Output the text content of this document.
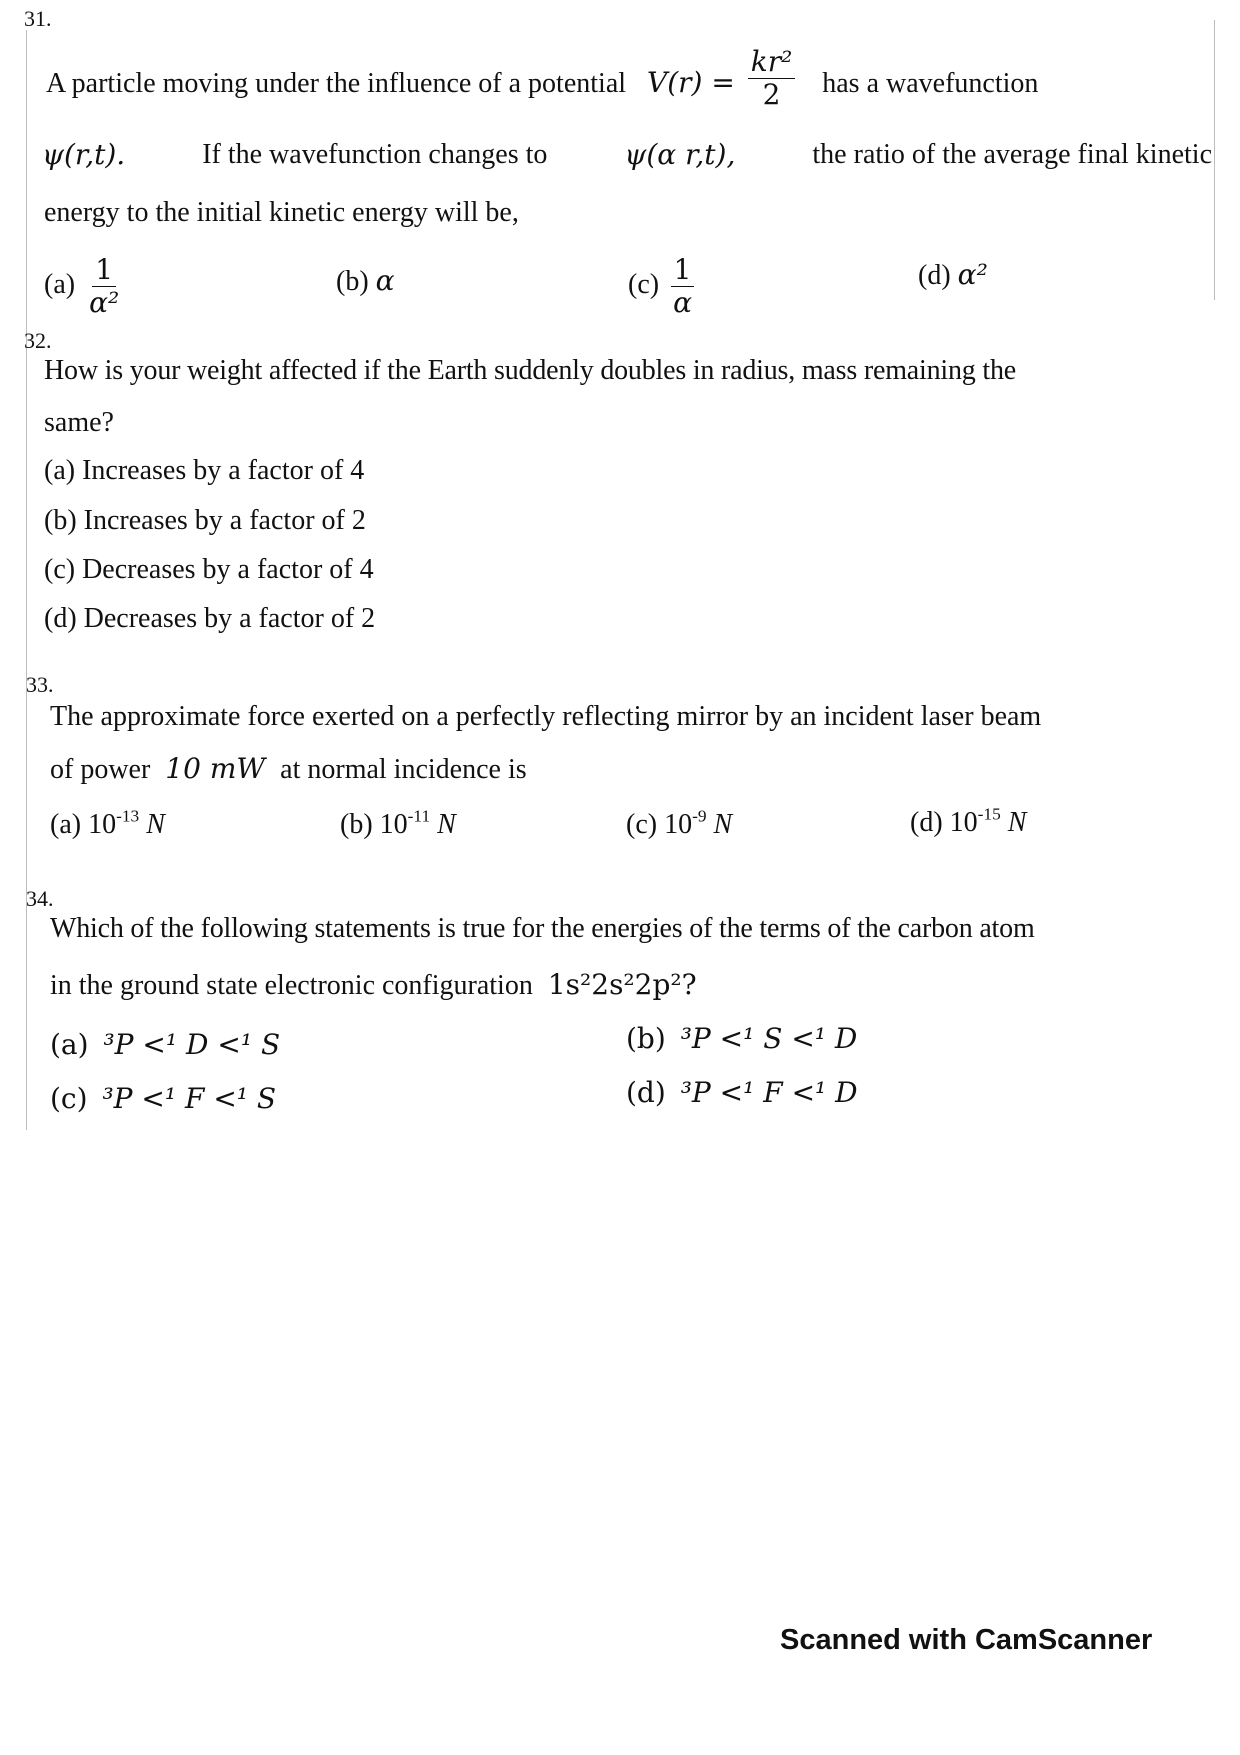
31.
A particle moving under the influence of a potential $V(r) = \frac{\text{kr²}}{2}$ has a wavefunction
ψ(r,t).	If the wavefunction changes to	ψ(α r,t),	the ratio of the average final kinetic
energy to the initial kinetic energy will be,
$(a) \frac{1}{\text{α²}}$	(b) α	$(c) \frac{1}{\alpha}$	(d) α²
32.
How is your weight affected if the Earth suddenly doubles in radius, mass remaining the
same?
(a) Increases by a factor of 4
(b) Increases by a factor of 2
(c) Decreases by a factor of 4
(d) Decreases by a factor of 2
33.
The approximate force exerted on a perfectly reflecting mirror by an incident laser beam
of power 10 mW at normal incidence is
(a) $10^{-13}$ N	(b) $10^{-11}$ N	(c) $10^{-9}$ N	(d) $10^{-15}$ N
34.
Which of the following statements is true for the energies of the terms of the carbon atom
in the ground state electronic configuration 1s²2s²2p²?
(a) ³P <¹ D <¹ S	(b) ³P <¹ S <¹ D
(c) ³P <¹ F <¹ S	(d) ³P <¹ F <¹ D
Scanned with CamScanner
